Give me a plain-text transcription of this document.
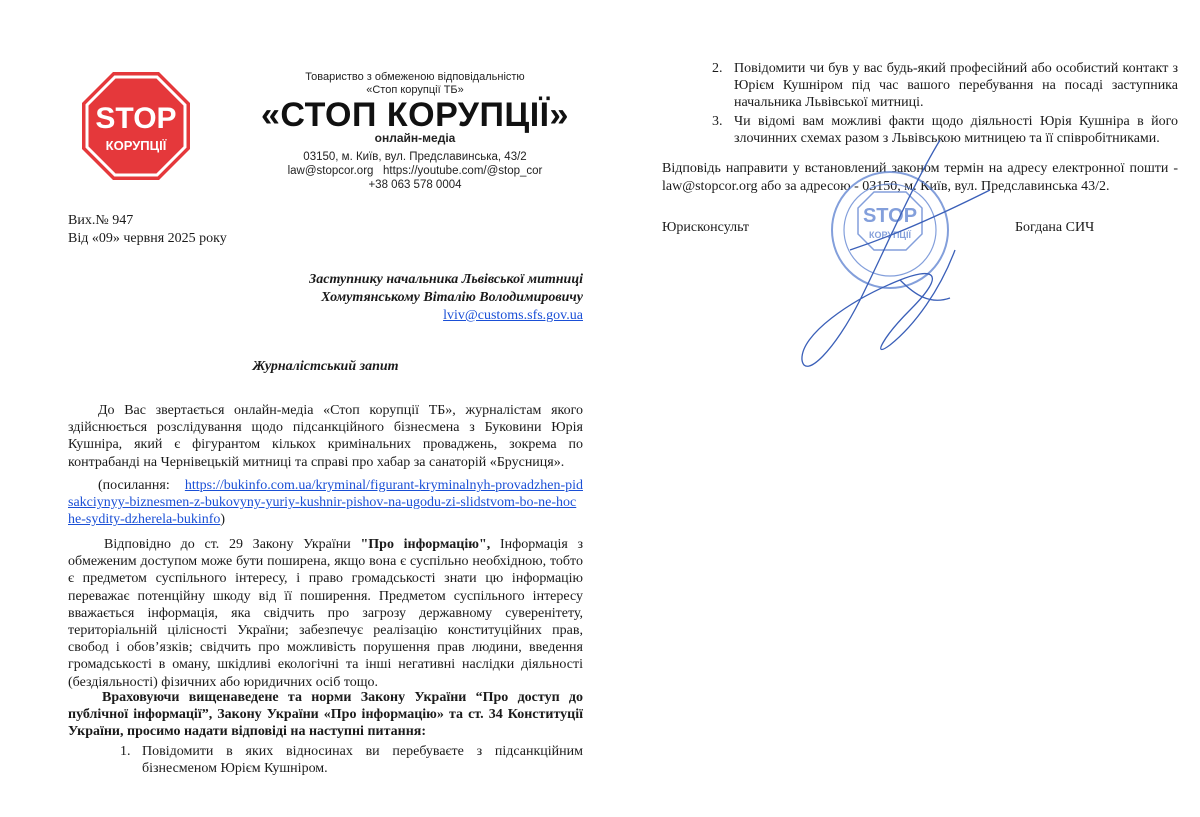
STOP
КОРУПЦІЇ
Товариство з обмеженою відповідальністю
«Стоп корупції ТБ»
«СТОП КОРУПЦІЇ»
онлайн-медіа
03150, м. Київ, вул. Предславинська, 43/2
law@stopcor.org https://youtube.com/@stop_cor
+38 063 578 0004
Вих.№ 947
Від «09» червня 2025 року
Заступнику начальника Львівської митниці
Хомутянському Віталію Володимировичу
lviv@customs.sfs.gov.ua
Журналістський запит
До Вас звертається онлайн-медіа «Стоп корупції ТБ», журналістам якого здійснюється розслідування щодо підсанкційного бізнесмена з Буковини Юрія Кушніра, який є фігурантом кількох кримінальних проваджень, зокрема по контрабанді на Чернівецькій митниці та справі про хабар за санаторій «Брусниця».
(посилання: https://bukinfo.com.ua/kryminal/figurant-kryminalnyh-provadzhen-pidsakciynyy-biznesmen-z-bukovyny-yuriy-kushnir-pishov-na-ugodu-zi-slidstvom-bo-ne-hoche-sydity-dzherela-bukinfo)
Відповідно до ст. 29 Закону України "Про інформацію", Інформація з обмеженим доступом може бути поширена, якщо вона є суспільно необхідною, тобто є предметом суспільного інтересу, і право громадськості знати цю інформацію переважає потенційну шкоду від її поширення. Предметом суспільного інтересу вважається інформація, яка свідчить про загрозу державному суверенітету, територіальній цілісності України; забезпечує реалізацію конституційних прав, свобод і обов’язків; свідчить про можливість порушення прав людини, введення громадськості в оману, шкідливі екологічні та інші негативні наслідки діяльності (бездіяльності) фізичних або юридичних осіб тощо.
Враховуючи вищенаведене та норми Закону України “Про доступ до публічної інформації”, Закону України «Про інформацію» та ст. 34 Конституції України, просимо надати відповіді на наступні питання:
1. Повідомити в яких відносинах ви перебуваєте з підсанкційним бізнесменом Юрієм Кушніром.
2. Повідомити чи був у вас будь-який професійний або особистий контакт з Юрієм Кушніром під час вашого перебування на посаді заступника начальника Львівської митниці.
3. Чи відомі вам можливі факти щодо діяльності Юрія Кушніра в його злочинних схемах разом з Львівською митницею та її співробітниками.
Відповідь направити у встановлений законом термін на адресу електронної пошти - law@stopcor.org або за адресою - 03150, м. Київ, вул. Предславинська 43/2.
Юрисконсульт	Богдана СИЧ
STOP
КОРУПЦІЇ
